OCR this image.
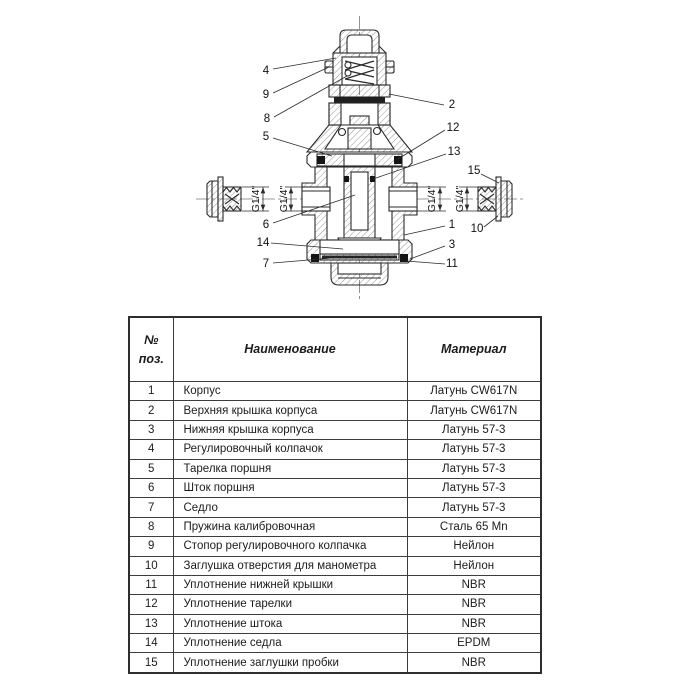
G1/4" G1/4"	G1/4" G1/4"
4
9
8
5
6
14
7
2
12
13
1
3
11
15
10
№ поз.	Наименование	Материал
1	Корпус	Латунь CW617N
2	Верхняя крышка корпуса	Латунь CW617N
3	Нижняя крышка корпуса	Латунь 57-3
4	Регулировочный колпачок	Латунь 57-3
5	Тарелка поршня	Латунь 57-3
6	Шток поршня	Латунь 57-3
7	Седло	Латунь 57-3
8	Пружина калибровочная	Сталь 65 Mn
9	Стопор регулировочного колпачка	Нейлон
10	Заглушка отверстия для манометра	Нейлон
11	Уплотнение нижней крышки	NBR
12	Уплотнение тарелки	NBR
13	Уплотнение штока	NBR
14	Уплотнение седла	EPDM
15	Уплотнение заглушки пробки	NBR
